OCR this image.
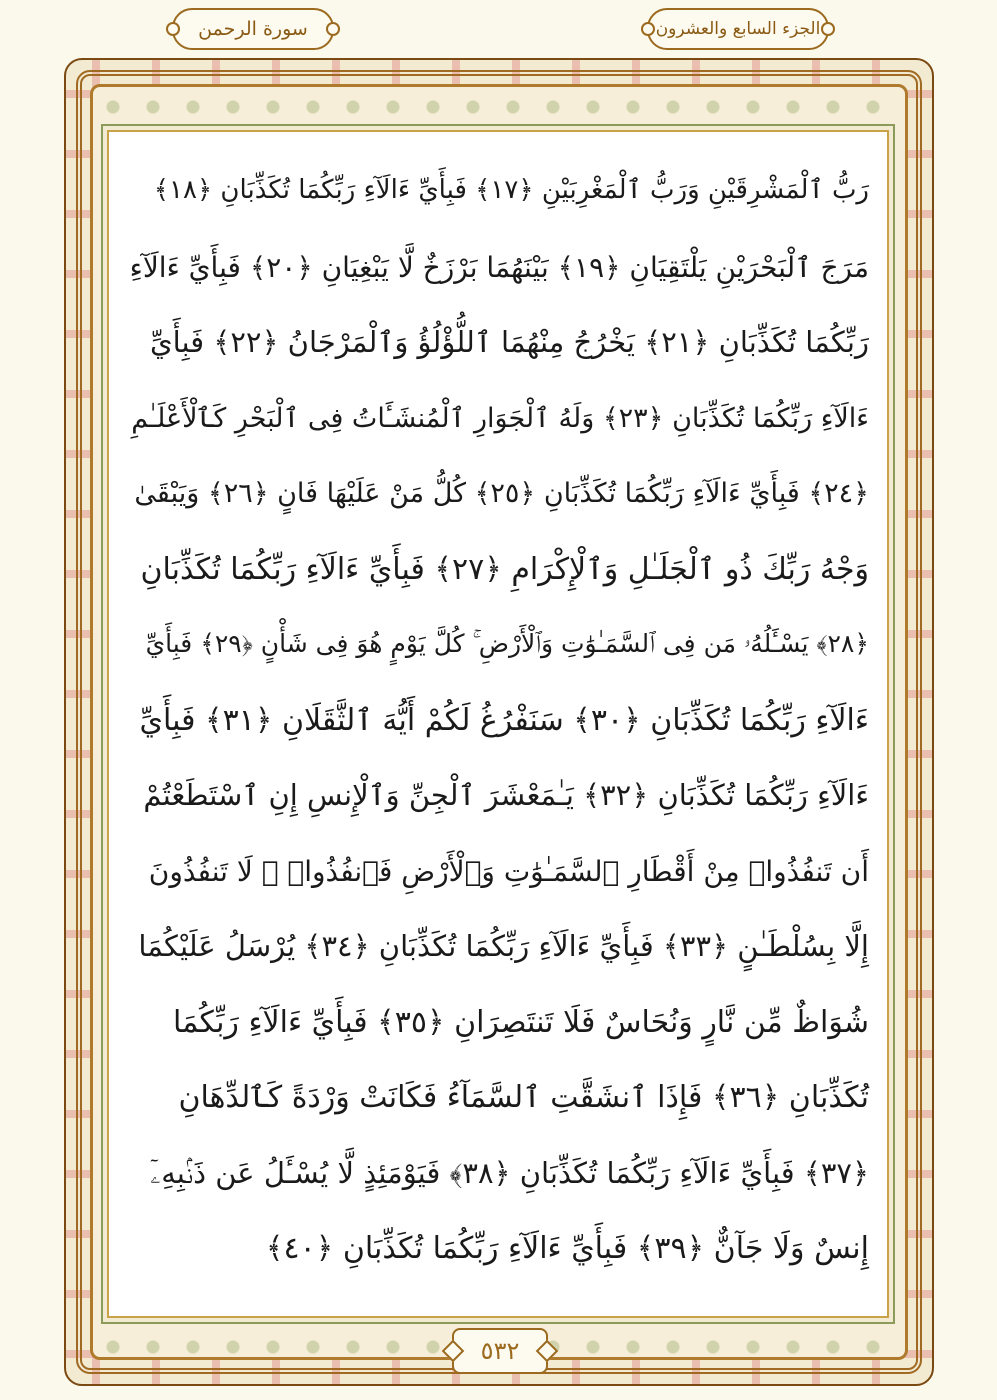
سورة الرحمن	الجزء السابع والعشرون
رَبُّ ٱلْمَشْرِقَيْنِ وَرَبُّ ٱلْمَغْرِبَيْنِ ﴿١٧﴾ فَبِأَيِّ ءَالَآءِ رَبِّكُمَا تُكَذِّبَانِ ﴿١٨﴾
مَرَجَ ٱلْبَحْرَيْنِ يَلْتَقِيَانِ ﴿١٩﴾ بَيْنَهُمَا بَرْزَخٌ لَّا يَبْغِيَانِ ﴿٢٠﴾ فَبِأَيِّ ءَالَآءِ
رَبِّكُمَا تُكَذِّبَانِ ﴿٢١﴾ يَخْرُجُ مِنْهُمَا ٱللُّؤْلُؤُ وَٱلْمَرْجَانُ ﴿٢٢﴾ فَبِأَيِّ
ءَالَآءِ رَبِّكُمَا تُكَذِّبَانِ ﴿٢٣﴾ وَلَهُ ٱلْجَوَارِ ٱلْمُنشَـَٔاتُ فِى ٱلْبَحْرِ كَٱلْأَعْلَـٰمِ
﴿٢٤﴾ فَبِأَيِّ ءَالَآءِ رَبِّكُمَا تُكَذِّبَانِ ﴿٢٥﴾ كُلُّ مَنْ عَلَيْهَا فَانٍ ﴿٢٦﴾ وَيَبْقَىٰ
وَجْهُ رَبِّكَ ذُو ٱلْجَلَـٰلِ وَٱلْإِكْرَامِ ﴿٢٧﴾ فَبِأَيِّ ءَالَآءِ رَبِّكُمَا تُكَذِّبَانِ
﴿٢٨﴾ يَسْـَٔلُهُۥ مَن فِى ٱلسَّمَـٰوَٰتِ وَٱلْأَرْضِ ۚ كُلَّ يَوْمٍ هُوَ فِى شَأْنٍ ﴿٢٩﴾ فَبِأَيِّ
ءَالَآءِ رَبِّكُمَا تُكَذِّبَانِ ﴿٣٠﴾ سَنَفْرُغُ لَكُمْ أَيُّهَ ٱلثَّقَلَانِ ﴿٣١﴾ فَبِأَيِّ
ءَالَآءِ رَبِّكُمَا تُكَذِّبَانِ ﴿٣٢﴾ يَـٰمَعْشَرَ ٱلْجِنِّ وَٱلْإِنسِ إِنِ ٱسْتَطَعْتُمْ
أَن تَنفُذُوا۟ مِنْ أَقْطَارِ ٱلسَّمَـٰوَٰتِ وَٱلْأَرْضِ فَٱنفُذُوا۟ ۚ لَا تَنفُذُونَ
إِلَّا بِسُلْطَـٰنٍ ﴿٣٣﴾ فَبِأَيِّ ءَالَآءِ رَبِّكُمَا تُكَذِّبَانِ ﴿٣٤﴾ يُرْسَلُ عَلَيْكُمَا
شُوَاظٌ مِّن نَّارٍ وَنُحَاسٌ فَلَا تَنتَصِرَانِ ﴿٣٥﴾ فَبِأَيِّ ءَالَآءِ رَبِّكُمَا
تُكَذِّبَانِ ﴿٣٦﴾ فَإِذَا ٱنشَقَّتِ ٱلسَّمَآءُ فَكَانَتْ وَرْدَةً كَٱلدِّهَانِ
﴿٣٧﴾ فَبِأَيِّ ءَالَآءِ رَبِّكُمَا تُكَذِّبَانِ ﴿٣٨﴾ فَيَوْمَئِذٍ لَّا يُسْـَٔلُ عَن ذَنۢبِهِۦٓ
إِنسٌ وَلَا جَآنٌّ ﴿٣٩﴾ فَبِأَيِّ ءَالَآءِ رَبِّكُمَا تُكَذِّبَانِ ﴿٤٠﴾
٥٣٢
